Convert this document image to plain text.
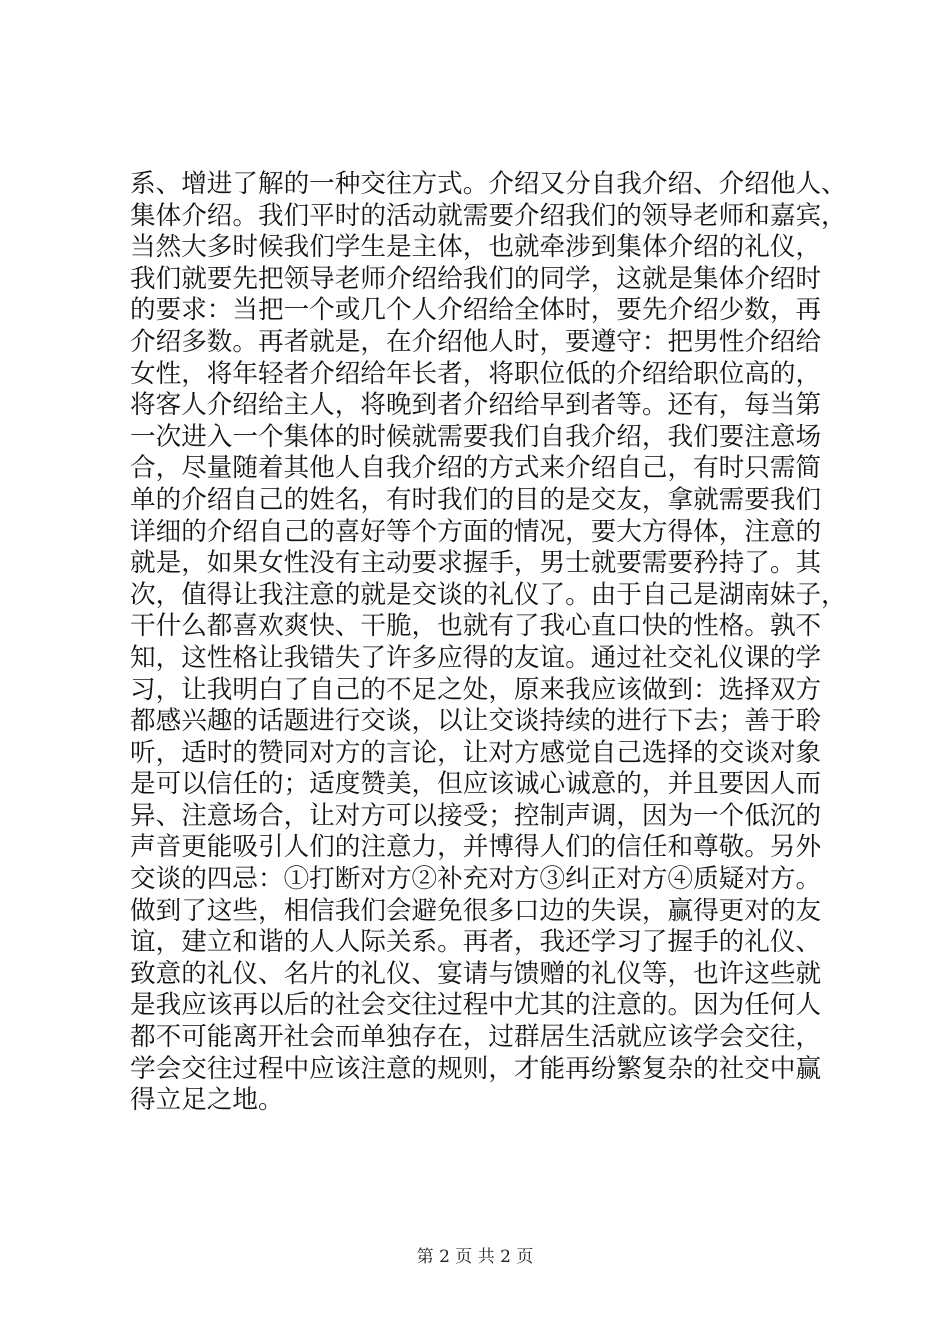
系、增进了解的一种交往方式。介绍又分自我介绍、介绍他人、
集体介绍。我们平时的活动就需要介绍我们的领导老师和嘉宾，
当然大多时候我们学生是主体，也就牵涉到集体介绍的礼仪，
我们就要先把领导老师介绍给我们的同学，这就是集体介绍时
的要求：当把一个或几个人介绍给全体时，要先介绍少数，再
介绍多数。再者就是，在介绍他人时，要遵守：把男性介绍给
女性，将年轻者介绍给年长者，将职位低的介绍给职位高的，
将客人介绍给主人，将晚到者介绍给早到者等。还有，每当第
一次进入一个集体的时候就需要我们自我介绍，我们要注意场
合，尽量随着其他人自我介绍的方式来介绍自己，有时只需简
单的介绍自己的姓名，有时我们的目的是交友，拿就需要我们
详细的介绍自己的喜好等个方面的情况，要大方得体，注意的
就是，如果女性没有主动要求握手，男士就要需要矜持了。其
次，值得让我注意的就是交谈的礼仪了。由于自己是湖南妹子，
干什么都喜欢爽快、干脆，也就有了我心直口快的性格。孰不
知，这性格让我错失了许多应得的友谊。通过社交礼仪课的学
习，让我明白了自己的不足之处，原来我应该做到：选择双方
都感兴趣的话题进行交谈，以让交谈持续的进行下去；善于聆
听，适时的赞同对方的言论，让对方感觉自己选择的交谈对象
是可以信任的；适度赞美，但应该诚心诚意的，并且要因人而
异、注意场合，让对方可以接受；控制声调，因为一个低沉的
声音更能吸引人们的注意力，并博得人们的信任和尊敬。另外
交谈的四忌：①打断对方②补充对方③纠正对方④质疑对方。
做到了这些，相信我们会避免很多口边的失误，赢得更对的友
谊，建立和谐的人人际关系。再者，我还学习了握手的礼仪、
致意的礼仪、名片的礼仪、宴请与馈赠的礼仪等，也许这些就
是我应该再以后的社会交往过程中尤其的注意的。因为任何人
都不可能离开社会而单独存在，过群居生活就应该学会交往，
学会交往过程中应该注意的规则，才能再纷繁复杂的社交中赢
得立足之地。
第 2 页 共 2 页
